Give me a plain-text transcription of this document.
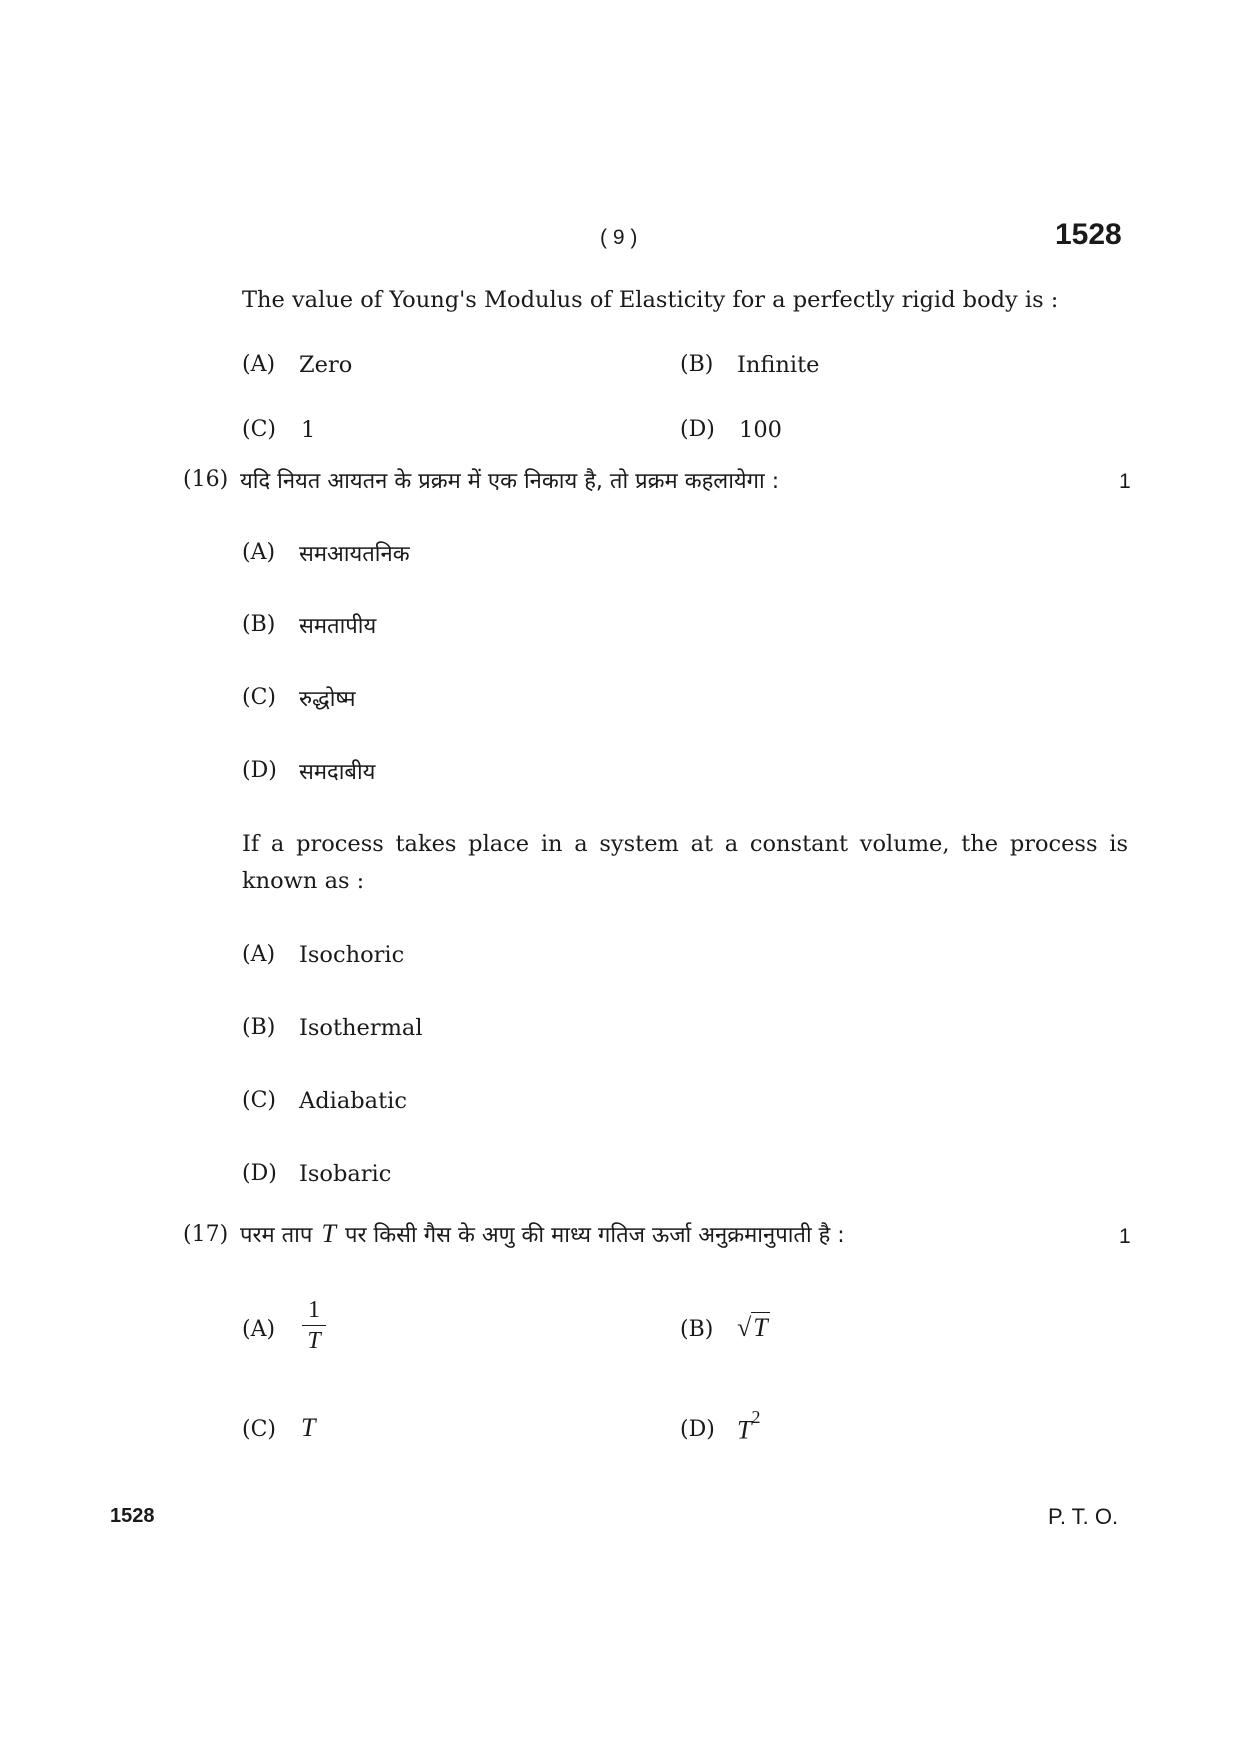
( 9 )	1528
The value of Young's Modulus of Elasticity for a perfectly rigid body is :
(A) Zero	(B) Infinite
(C) 1	(D) 100
(16) यदि नियत आयतन के प्रक्रम में एक निकाय है, तो प्रक्रम कहलायेगा :	1
(A) समआयतनिक
(B) समतापीय
(C) रुद्धोष्म
(D) समदाबीय
If a process takes place in a system at a constant volume, the process is known as :
(A) Isochoric
(B) Isothermal
(C) Adiabatic
(D) Isobaric
(17) परम ताप T पर किसी गैस के अणु की माध्य गतिज ऊर्जा अनुक्रमानुपाती है :	1
(A)
1
T	(B) √T
(C) T	(D) $T^2$
1528	P. T. O.
